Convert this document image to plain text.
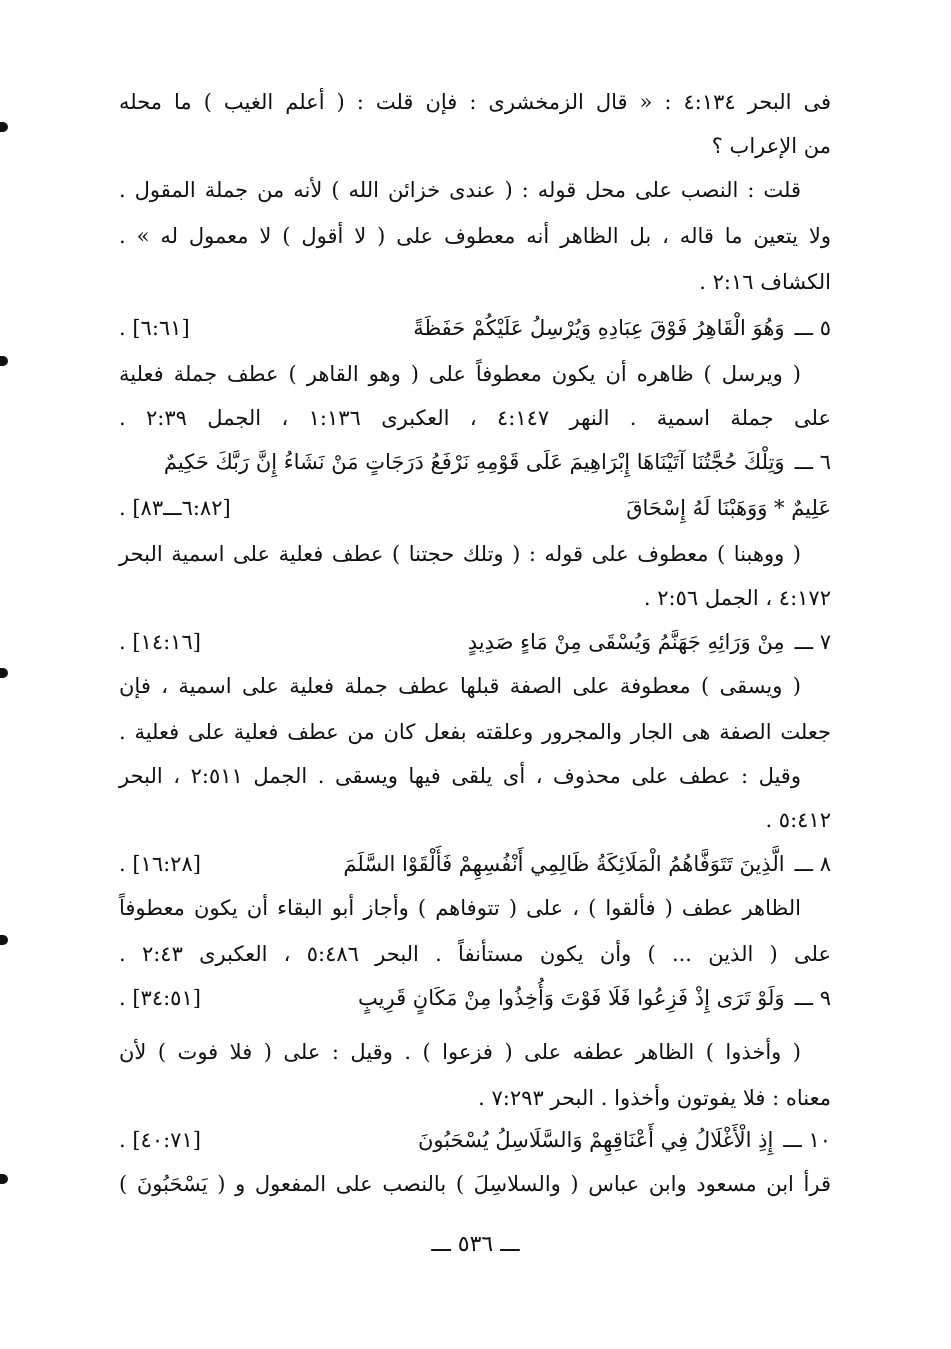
فى البحر ٤:١٣٤ : « قال الزمخشرى : فإن قلت : ( أعلم الغيب ) ما محله
من الإعراب ؟
قلت : النصب على محل قوله : ( عندى خزائن الله ) لأنه من جملة المقول .
ولا يتعين ما قاله ، بل الظاهر أنه معطوف على ( لا أقول ) لا معمول له » .
الكشاف ٢:١٦ .
٥ ـــوَهُوَ الْقَاهِرُ فَوْقَ عِبَادِهِ وَيُرْسِلُ عَلَيْكُمْ حَفَظَةً
[٦:٦١] .
( ويرسل ) ظاهره أن يكون معطوفاً على ( وهو القاهر ) عطف جملة فعلية
على جملة اسمية . النهر ٤:١٤٧ ، العكبرى ١:١٣٦ ، الجمل ٢:٣٩ .
٦ ـــوَتِلْكَ حُجَّتُنَا آتَيْنَاهَا إِبْرَاهِيمَ عَلَى قَوْمِهِ نَرْفَعُ دَرَجَاتٍ مَنْ نَشَاءُ إِنَّ رَبَّكَ حَكِيمٌ
عَلِيمٌ * وَوَهَبْنَا لَهُ إِسْحَاقَ
[٦:٨٢ـــ٨٣] .
( ووهبنا ) معطوف على قوله : ( وتلك حجتنا ) عطف فعلية على اسمية البحر
٤:١٧٢ ، الجمل ٢:٥٦ .
٧ ـــمِنْ وَرَائِهِ جَهَنَّمُ وَيُسْقَى مِنْ مَاءٍ صَدِيدٍ
[١٤:١٦] .
( ويسقى ) معطوفة على الصفة قبلها عطف جملة فعلية على اسمية ، فإن
جعلت الصفة هى الجار والمجرور وعلقته بفعل كان من عطف فعلية على فعلية .
وقيل : عطف على محذوف ، أى يلقى فيها ويسقى . الجمل ٢:٥١١ ، البحر
٥:٤١٢ .
٨ ـــالَّذِينَ تَتَوَفَّاهُمُ الْمَلَائِكَةُ ظَالِمِي أَنْفُسِهِمْ فَأَلْقَوْا السَّلَمَ
[١٦:٢٨] .
الظاهر عطف ( فألقوا ) ، على ( تتوفاهم ) وأجاز أبو البقاء أن يكون معطوفاً
على ( الذين ... ) وأن يكون مستأنفاً . البحر ٥:٤٨٦ ، العكبرى ٢:٤٣ .
٩ ـــوَلَوْ تَرَى إِذْ فَزِعُوا فَلَا فَوْتَ وَأُخِذُوا مِنْ مَكَانٍ قَرِيبٍ
[٣٤:٥١] .
( وأخذوا ) الظاهر عطفه على ( فزعوا ) . وقيل : على ( فلا فوت ) لأن
معناه : فلا يفوتون وأخذوا . البحر ٧:٢٩٣ .
١٠ ـــإِذِ الْأَغْلَالُ فِي أَعْنَاقِهِمْ وَالسَّلَاسِلُ يُسْحَبُونَ
[٤٠:٧١] .
قرأ ابن مسعود وابن عباس ( والسلاسِلَ ) بالنصب على المفعول و ( يَسْحَبُونَ )
ـــ ٥٣٦ ـــ
